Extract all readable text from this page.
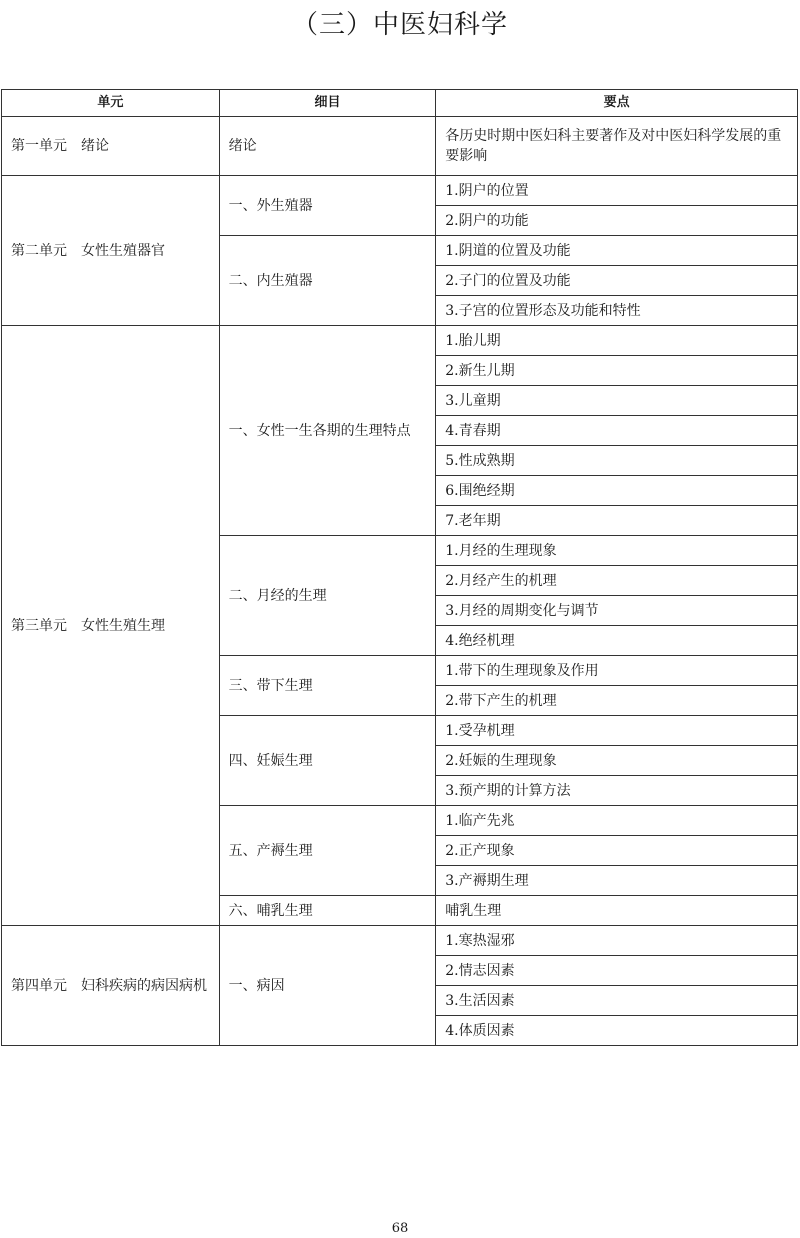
（三）中医妇科学
单元	细目	要点
第一单元　绪论	绪论	各历史时期中医妇科主要著作及对中医妇科学发展的重要影响
第二单元　女性生殖器官	一、外生殖器	1.阴户的位置
		2.阴户的功能
	二、内生殖器	1.阴道的位置及功能
		2.子门的位置及功能
		3.子宫的位置形态及功能和特性
第三单元　女性生殖生理	一、女性一生各期的生理特点	1.胎儿期
		2.新生儿期
		3.儿童期
		4.青春期
		5.性成熟期
		6.围绝经期
		7.老年期
	二、月经的生理	1.月经的生理现象
		2.月经产生的机理
		3.月经的周期变化与调节
		4.绝经机理
	三、带下生理	1.带下的生理现象及作用
		2.带下产生的机理
	四、妊娠生理	1.受孕机理
		2.妊娠的生理现象
		3.预产期的计算方法
	五、产褥生理	1.临产先兆
		2.正产现象
		3.产褥期生理
	六、哺乳生理	哺乳生理
第四单元　妇科疾病的病因病机	一、病因	1.寒热湿邪
		2.情志因素
		3.生活因素
		4.体质因素
68
